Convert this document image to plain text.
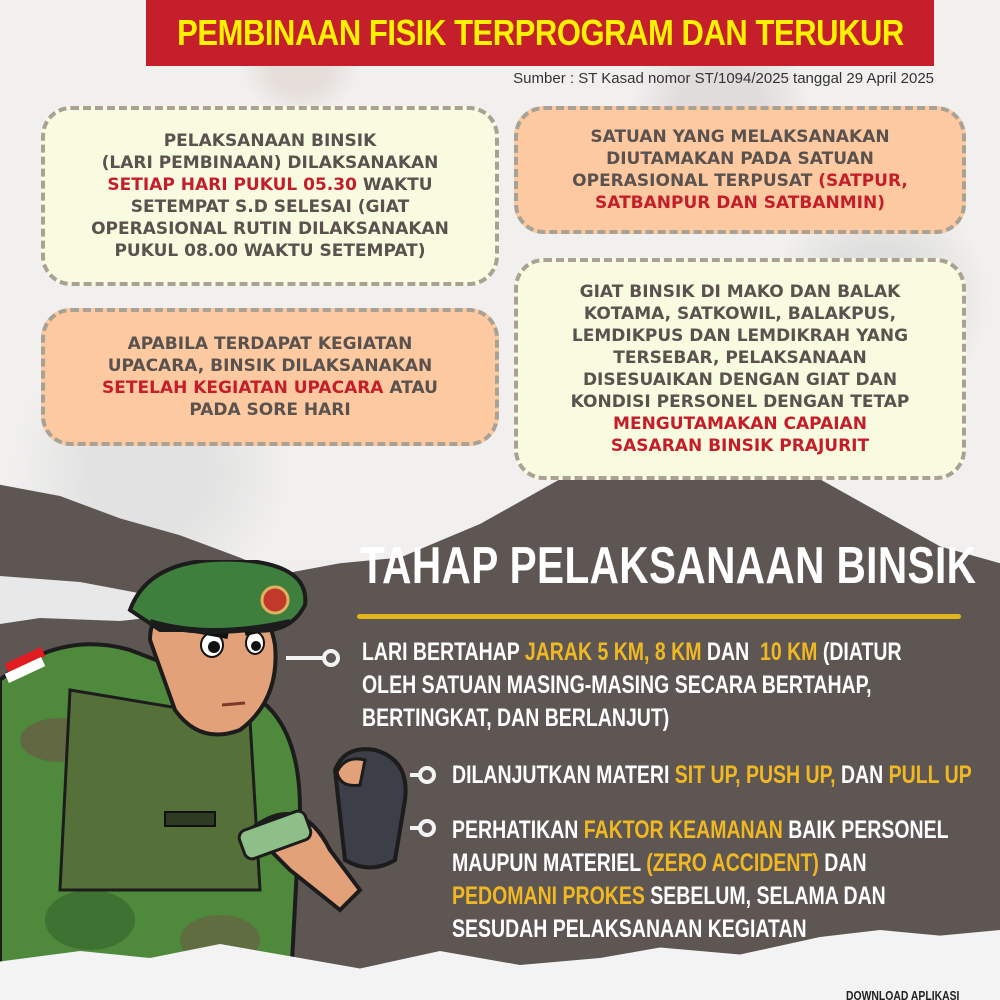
PEMBINAAN FISIK TERPROGRAM DAN TERUKUR
Sumber : ST Kasad nomor ST/1094/2025 tanggal 29 April 2025
PELAKSANAAN BINSIK
(LARI PEMBINAAN) DILAKSANAKAN
SETIAP HARI PUKUL 05.30 WAKTU
SETEMPAT S.D SELESAI (GIAT
OPERASIONAL RUTIN DILAKSANAKAN
PUKUL 08.00 WAKTU SETEMPAT)
SATUAN YANG MELAKSANAKAN
DIUTAMAKAN PADA SATUAN
OPERASIONAL TERPUSAT (SATPUR,
SATBANPUR DAN SATBANMIN)
APABILA TERDAPAT KEGIATAN
UPACARA, BINSIK DILAKSANAKAN
SETELAH KEGIATAN UPACARA ATAU
PADA SORE HARI
GIAT BINSIK DI MAKO DAN BALAK
KOTAMA, SATKOWIL, BALAKPUS,
LEMDIKPUS DAN LEMDIKRAH YANG
TERSEBAR, PELAKSANAAN
DISESUAIKAN DENGAN GIAT DAN
KONDISI PERSONEL DENGAN TETAP
MENGUTAMAKAN CAPAIAN
SASARAN BINSIK PRAJURIT
TAHAP PELAKSANAAN BINSIK
LARI BERTAHAP JARAK 5 KM, 8 KM DAN  10 KM (DIATUR
OLEH SATUAN MASING-MASING SECARA BERTAHAP,
BERTINGKAT, DAN BERLANJUT)
DILANJUTKAN MATERI SIT UP, PUSH UP, DAN PULL UP
PERHATIKAN FAKTOR KEAMANAN BAIK PERSONEL
MAUPUN MATERIEL (ZERO ACCIDENT) DAN
PEDOMANI PROKES SEBELUM, SELAMA DAN
SESUDAH PELAKSANAAN KEGIATAN
DOWNLOAD APLIKASI
